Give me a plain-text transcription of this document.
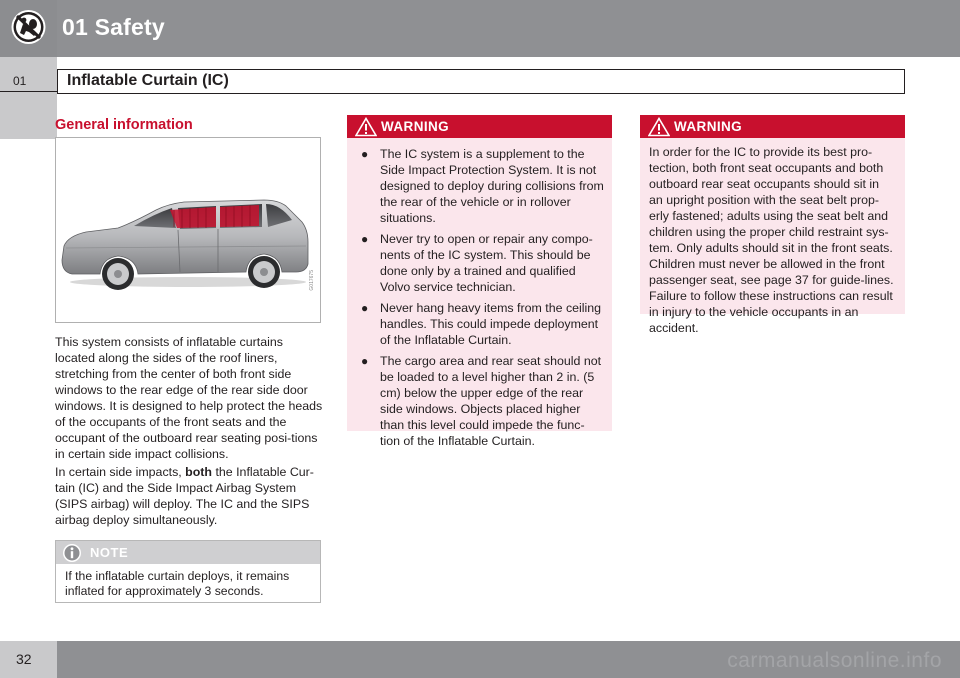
01 Safety
01	Inflatable Curtain (IC)
General information
G017675
This system consists of inflatable curtains located along the sides of the roof liners, stretching from the center of both front side windows to the rear edge of the rear side door windows. It is designed to help protect the heads of the occupants of the front seats and the occupant of the outboard rear seating posi-tions in certain side impact collisions.
In certain side impacts, both the Inflatable Cur-tain (IC) and the Side Impact Airbag System (SIPS airbag) will deploy. The IC and the SIPS airbag deploy simultaneously.
NOTE
If the inflatable curtain deploys, it remains inflated for approximately 3 seconds.
WARNING
● The IC system is a supplement to the Side Impact Protection System. It is not designed to deploy during collisions from the rear of the vehicle or in rollover situations.
● Never try to open or repair any compo-nents of the IC system. This should be done only by a trained and qualified Volvo service technician.
● Never hang heavy items from the ceiling handles. This could impede deployment of the Inflatable Curtain.
● The cargo area and rear seat should not be loaded to a level higher than 2 in. (5 cm) below the upper edge of the rear side windows. Objects placed higher than this level could impede the func-tion of the Inflatable Curtain.
WARNING

In order for the IC to provide its best pro-tection, both front seat occupants and both outboard rear seat occupants should sit in an upright position with the seat belt prop-erly fastened; adults using the seat belt and children using the proper child restraint sys-tem. Only adults should sit in the front seats. Children must never be allowed in the front passenger seat, see page 37 for guide-lines. Failure to follow these instructions can result in injury to the vehicle occupants in an accident.

32	carmanualsonline.info
